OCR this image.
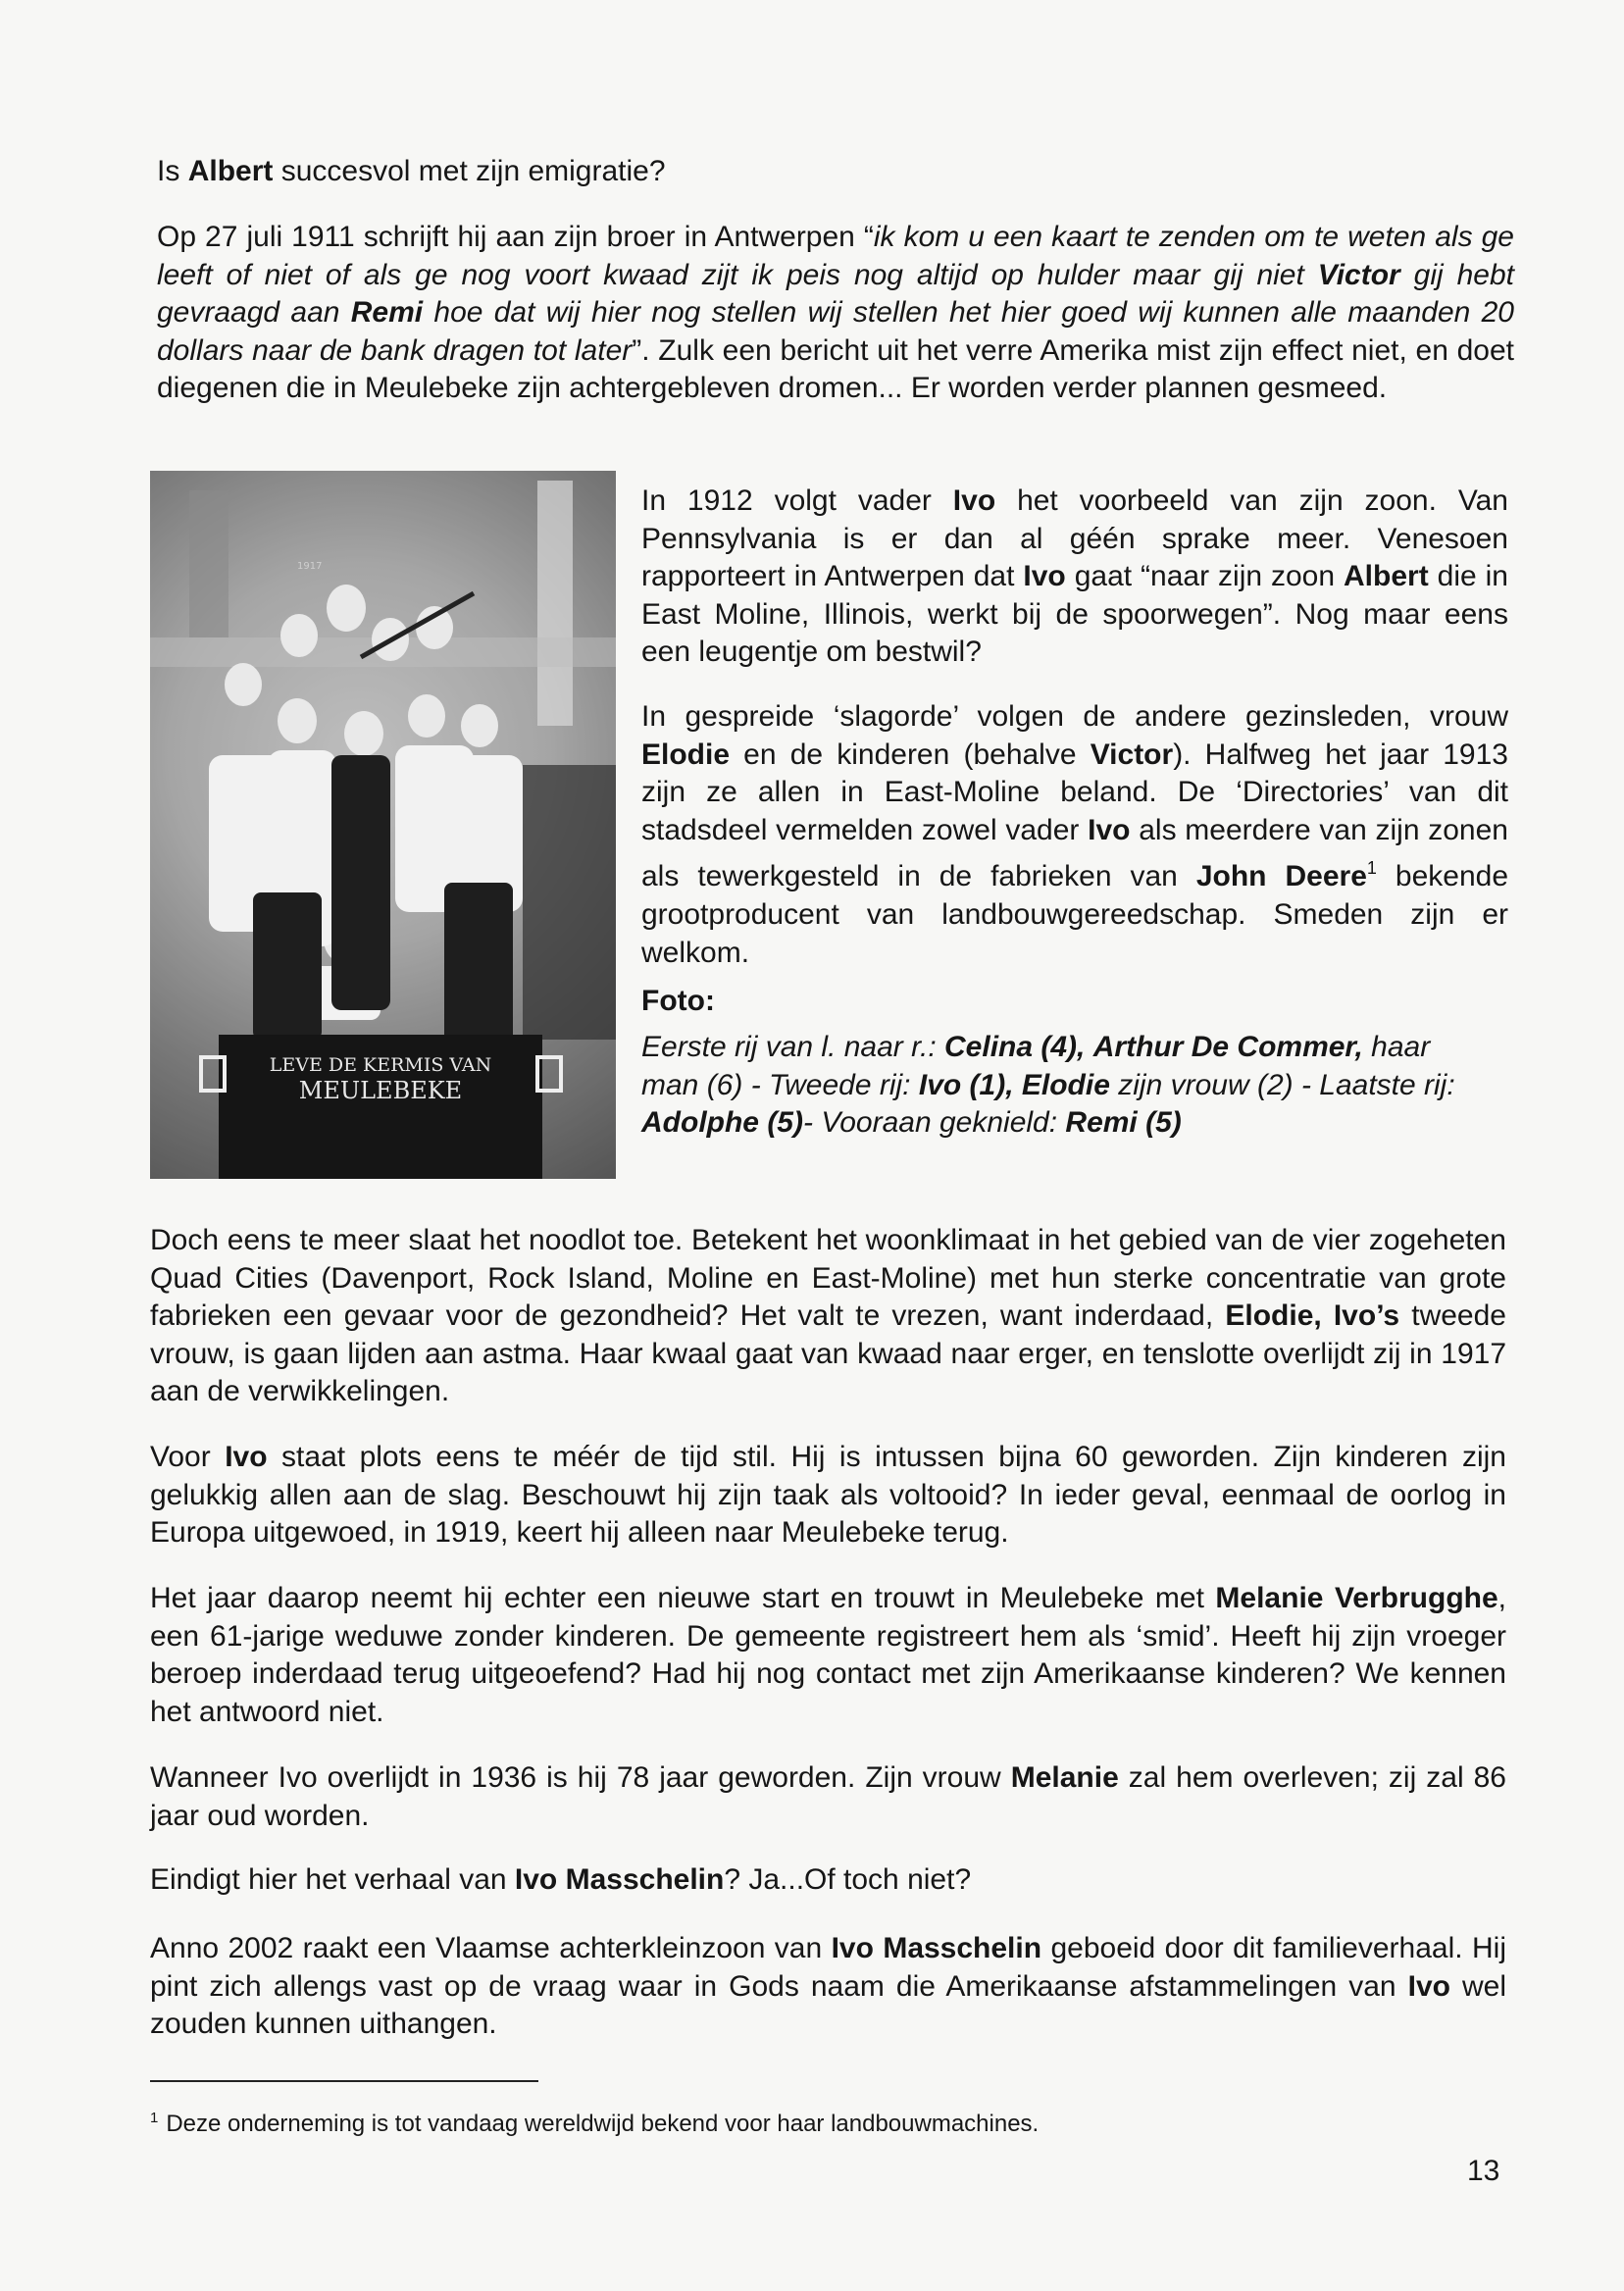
Is Albert succesvol met zijn emigratie?

Op 27 juli 1911 schrijft hij aan zijn broer in Antwerpen “ik kom u een kaart te zenden om te weten als ge leeft of niet of als ge nog voort kwaad zijt ik peis nog altijd op hulder maar gij niet Victor gij hebt gevraagd aan Remi hoe dat wij hier nog stellen wij stellen het hier goed wij kunnen alle maanden 20 dollars naar de bank dragen tot later”. Zulk een bericht uit het verre Amerika mist zijn effect niet, en doet diegenen die in Meulebeke zijn achtergebleven dromen... Er worden verder plannen gesmeed.

LEVE DE KERMIS VAN
MEULEBEKE
1917

In 1912 volgt vader Ivo het voorbeeld van zijn zoon. Van Pennsylvania is er dan al géén sprake meer. Venesoen rapporteert in Antwerpen dat Ivo gaat “naar zijn zoon Albert die in East Moline, Illinois, werkt bij de spoorwegen”. Nog maar eens een leugentje om bestwil?

In gespreide ‘slagorde’ volgen de andere gezinsleden, vrouw Elodie en de kinderen (behalve Victor). Halfweg het jaar 1913 zijn ze allen in East-Moline beland. De ‘Directories’ van dit stadsdeel vermelden zowel vader Ivo als meerdere van zijn zonen als tewerkgesteld in de fabrieken van John Deere$^1$ bekende grootproducent van landbouwgereedschap. Smeden zijn er welkom.

Foto:

Eerste rij van l. naar r.: Celina (4), Arthur De Commer, haar man (6) - Tweede rij: Ivo (1), Elodie zijn vrouw (2) - Laatste rij: Adolphe (5)- Vooraan geknield: Remi (5)

Doch eens te meer slaat het noodlot toe. Betekent het woonklimaat in het gebied van de vier zogeheten Quad Cities (Davenport, Rock Island, Moline en East-Moline) met hun sterke concentratie van grote fabrieken een gevaar voor de gezondheid? Het valt te vrezen, want inderdaad, Elodie, Ivo’s tweede vrouw, is gaan lijden aan astma. Haar kwaal gaat van kwaad naar erger, en tenslotte overlijdt zij in 1917 aan de verwikkelingen.

Voor Ivo staat plots eens te méér de tijd stil. Hij is intussen bijna 60 geworden. Zijn kinderen zijn gelukkig allen aan de slag. Beschouwt hij zijn taak als voltooid? In ieder geval, eenmaal de oorlog in Europa uitgewoed, in 1919, keert hij alleen naar Meulebeke terug.

Het jaar daarop neemt hij echter een nieuwe start en trouwt in Meulebeke met Melanie Verbrugghe, een 61-jarige weduwe zonder kinderen. De gemeente registreert hem als ‘smid’. Heeft hij zijn vroeger beroep inderdaad terug uitgeoefend? Had hij nog contact met zijn Amerikaanse kinderen? We kennen het antwoord niet.

Wanneer Ivo overlijdt in 1936 is hij 78 jaar geworden. Zijn vrouw Melanie zal hem overleven; zij zal 86 jaar oud worden.

Eindigt hier het verhaal van Ivo Masschelin? Ja...Of toch niet?

Anno 2002 raakt een Vlaamse achterkleinzoon van Ivo Masschelin geboeid door dit familieverhaal. Hij pint zich allengs vast op de vraag waar in Gods naam die Amerikaanse afstammelingen van Ivo wel zouden kunnen uithangen.

$^1$ Deze onderneming is tot vandaag wereldwijd bekend voor haar landbouwmachines.

13
